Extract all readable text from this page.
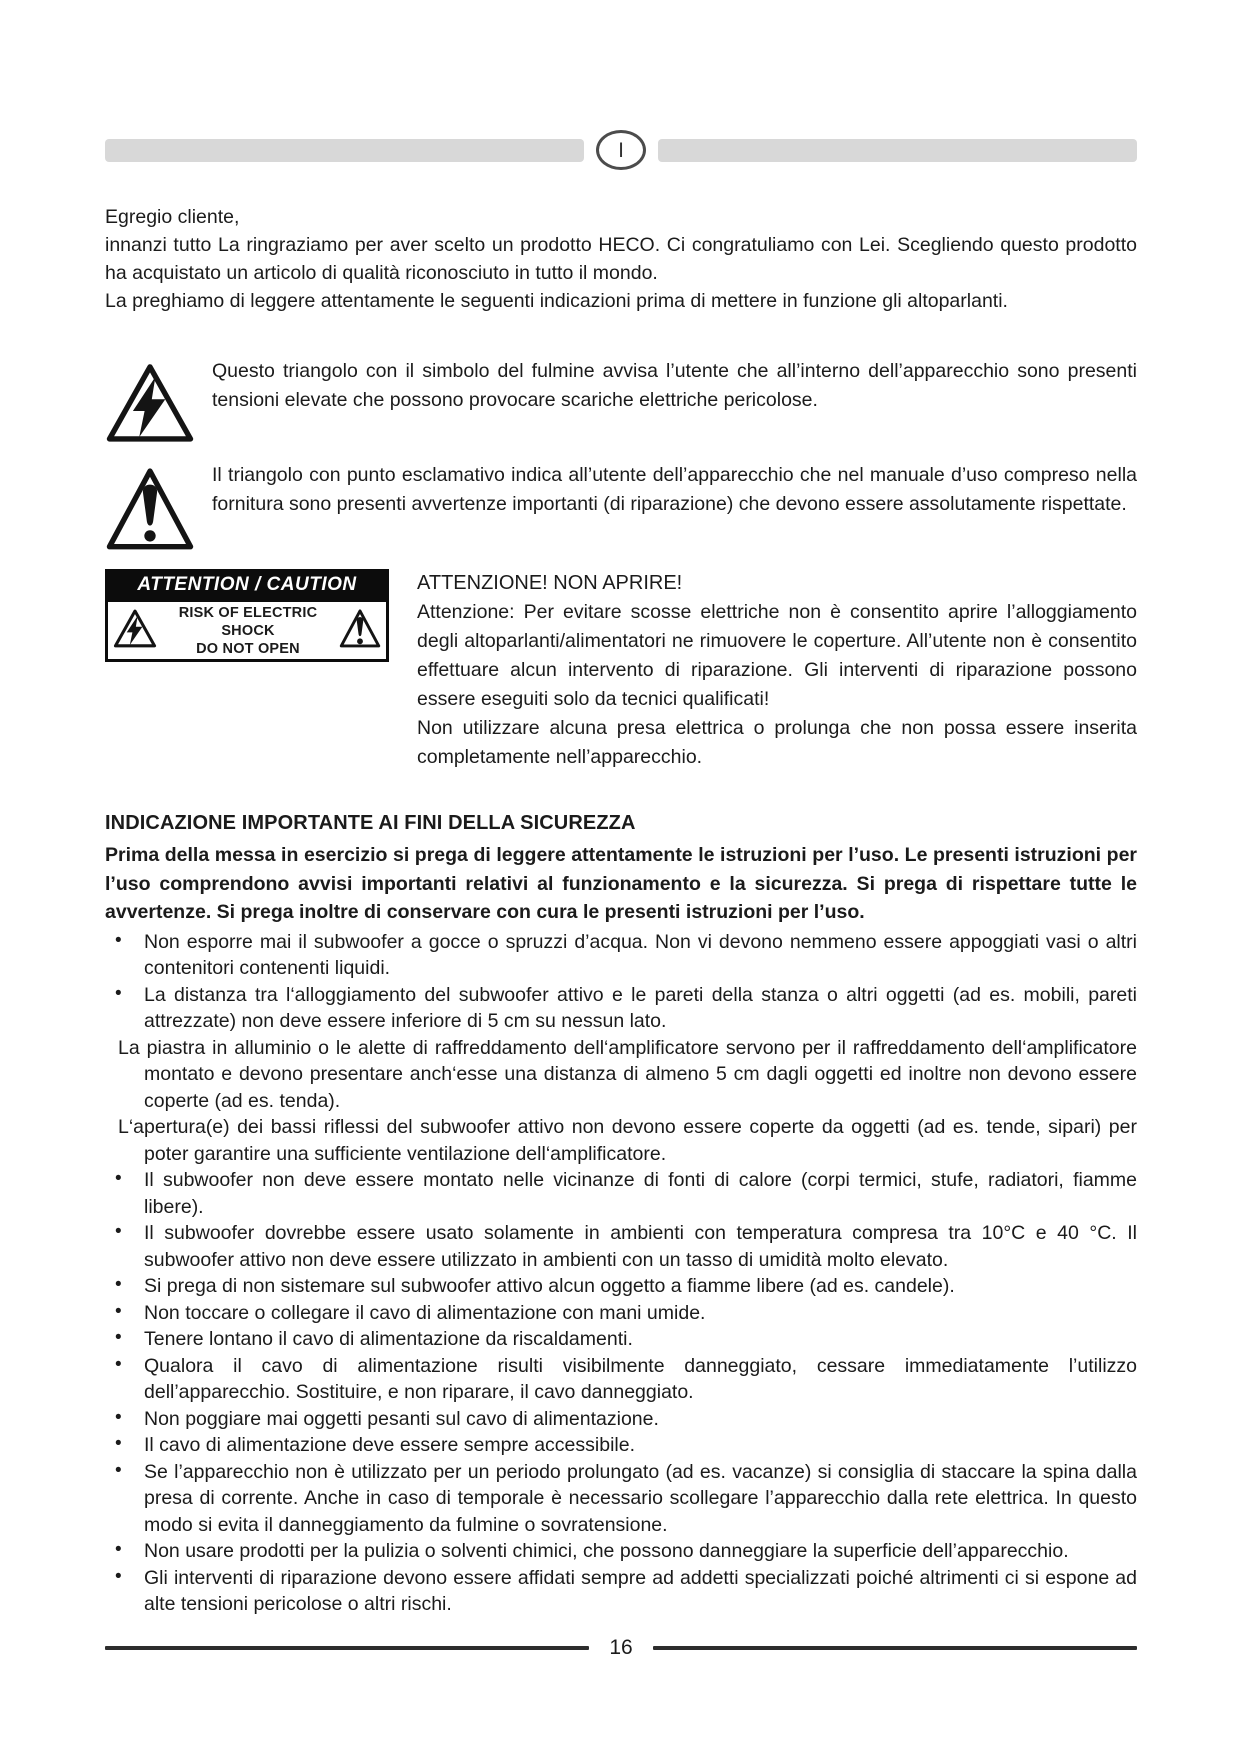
I

Egregio cliente,

innanzi tutto La ringraziamo per aver scelto un prodotto HECO. Ci congratuliamo con Lei. Scegliendo questo prodotto ha acquistato un articolo di qualità riconosciuto in tutto il mondo.

La preghiamo di leggere attentamente le seguenti indicazioni prima di mettere in funzione gli altoparlanti.

Questo triangolo con il simbolo del fulmine avvisa l’utente che all’interno dell’apparecchio sono presenti tensioni elevate che possono provocare scariche elettriche pericolose.

Il triangolo con punto esclamativo indica all’utente dell’apparecchio che nel manuale d’uso compreso nella fornitura sono presenti avvertenze importanti (di riparazione) che devono essere assolutamente rispettate.

ATTENTION / CAUTION
RISK OF ELECTRIC SHOCK
DO NOT OPEN

ATTENZIONE! NON APRIRE!

Attenzione: Per evitare scosse elettriche non è consentito aprire l’alloggiamento degli altoparlanti/alimentatori ne rimuovere le coperture. All’utente non è consentito effettuare alcun intervento di riparazione. Gli interventi di riparazione possono essere eseguiti solo da tecnici qualificati!

Non utilizzare alcuna presa elettrica o prolunga che non possa essere inserita completamente nell’apparecchio.

INDICAZIONE IMPORTANTE AI FINI DELLA SICUREZZA

Prima della messa in esercizio si prega di leggere attentamente le istruzioni per l’uso. Le presenti istruzioni per l’uso comprendono avvisi importanti relativi al funzionamento e la sicurezza. Si prega di rispettare tutte le avvertenze. Si prega inoltre di conservare con cura le presenti istruzioni per l’uso.

• Non esporre mai il subwoofer a gocce o spruzzi d’acqua. Non vi devono nemmeno essere appoggiati vasi o altri contenitori contenenti liquidi.
• La distanza tra l‘alloggiamento del subwoofer attivo e le pareti della stanza o altri oggetti (ad es. mobili, pareti attrezzate) non deve essere inferiore di 5 cm su nessun lato.
La piastra in alluminio o le alette di raffreddamento dell‘amplificatore servono per il raffreddamento dell‘amplificatore montato e devono presentare anch‘esse una distanza di almeno 5 cm dagli oggetti ed inoltre non devono essere coperte (ad es. tenda).
L‘apertura(e) dei bassi riflessi del subwoofer attivo non devono essere coperte da oggetti (ad es. tende, sipari) per poter garantire una sufficiente ventilazione dell‘amplificatore.
• Il subwoofer non deve essere montato nelle vicinanze di fonti di calore (corpi termici, stufe, radiatori, fiamme libere).
• Il subwoofer dovrebbe essere usato solamente in ambienti con temperatura compresa tra 10°C e 40 °C. Il subwoofer attivo non deve essere utilizzato in ambienti con un tasso di umidità molto elevato.
• Si prega di non sistemare sul subwoofer attivo alcun oggetto a fiamme libere (ad es. candele).
• Non toccare o collegare il cavo di alimentazione con mani umide.
• Tenere lontano il cavo di alimentazione da riscaldamenti.
• Qualora il cavo di alimentazione risulti visibilmente danneggiato, cessare immediatamente l’utilizzo dell’apparecchio. Sostituire, e non riparare, il cavo danneggiato.
• Non poggiare mai oggetti pesanti sul cavo di alimentazione.
• Il cavo di alimentazione deve essere sempre accessibile.
• Se l’apparecchio non è utilizzato per un periodo prolungato (ad es. vacanze) si consiglia di staccare la spina dalla presa di corrente. Anche in caso di temporale è necessario scollegare l’apparecchio dalla rete elettrica. In questo modo si evita il danneggiamento da fulmine o sovratensione.
• Non usare prodotti per la pulizia o solventi chimici, che possono danneggiare la superficie dell’apparecchio.
• Gli interventi di riparazione devono essere affidati sempre ad addetti specializzati poiché altrimenti ci si espone ad alte tensioni pericolose o altri rischi.
16
